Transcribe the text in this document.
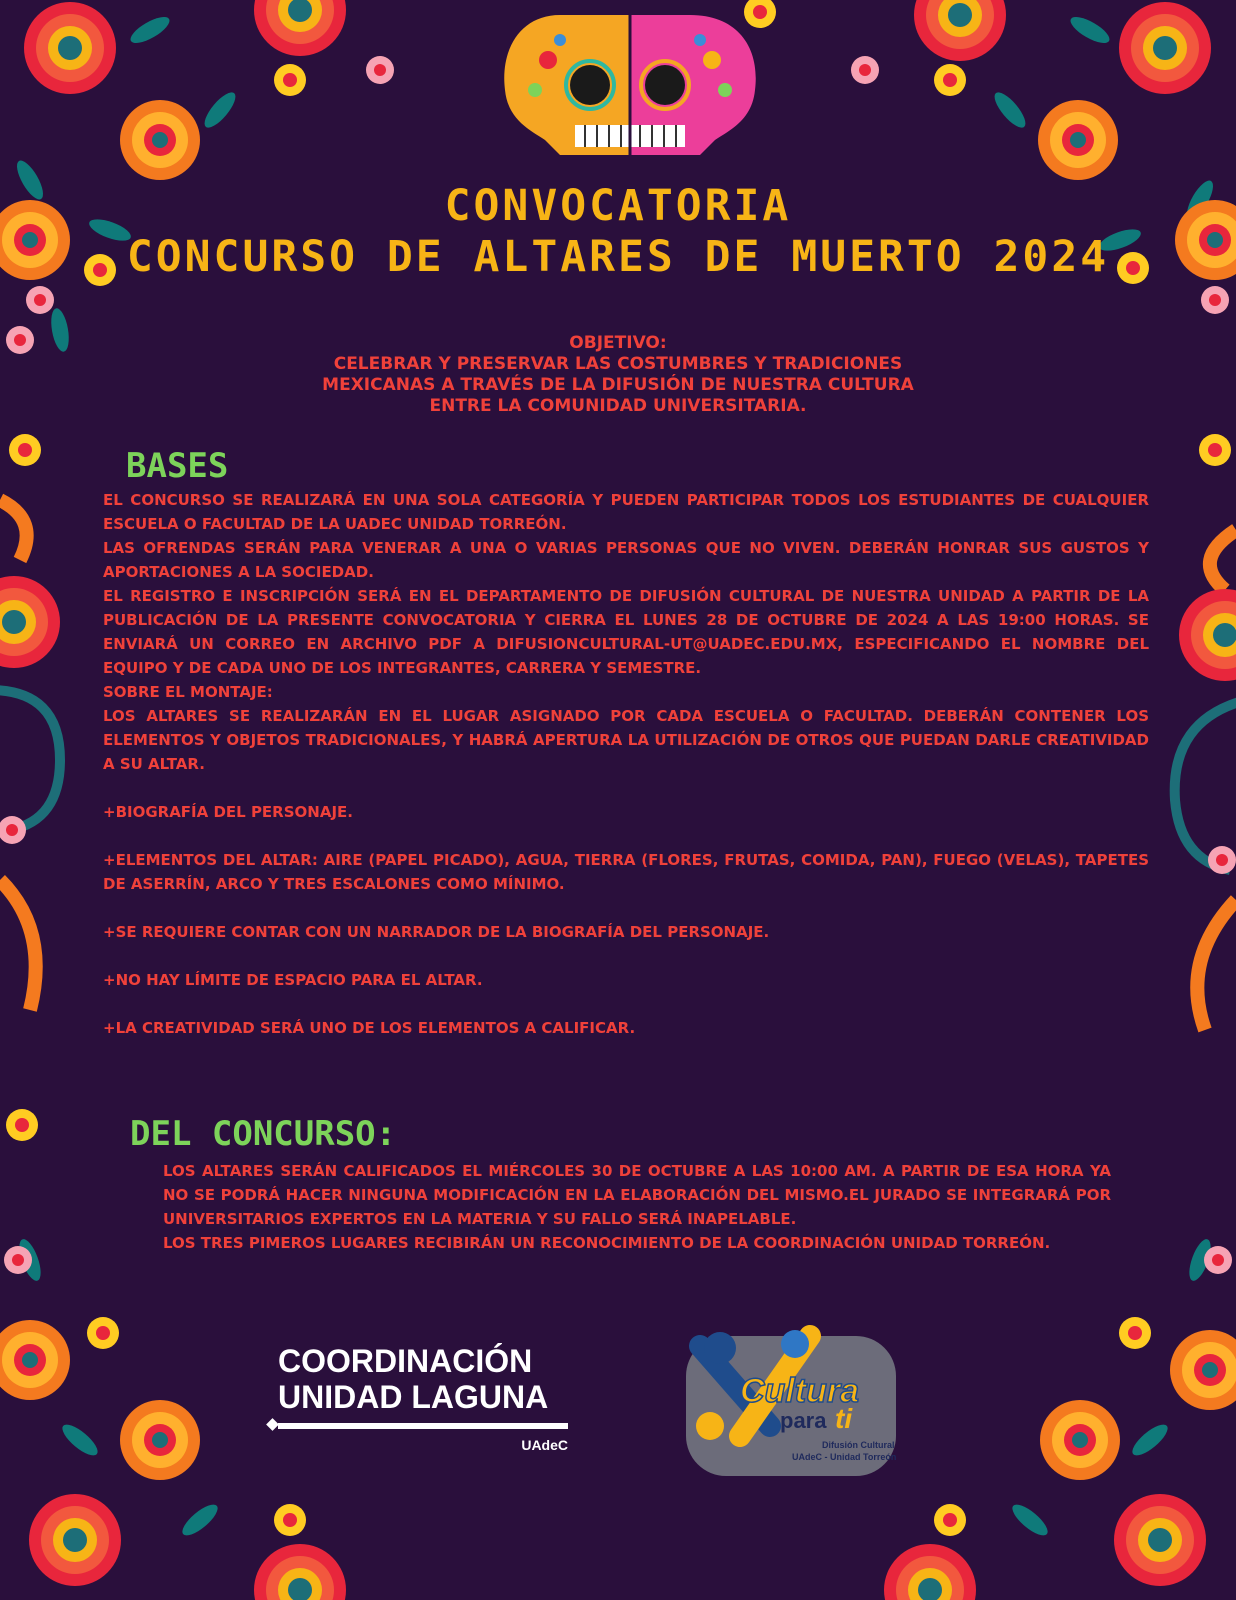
CONVOCATORIA
CONCURSO DE ALTARES DE MUERTO 2024
OBJETIVO:
CELEBRAR Y PRESERVAR LAS COSTUMBRES Y TRADICIONES
MEXICANAS A TRAVÉS DE LA DIFUSIÓN DE NUESTRA CULTURA
ENTRE LA COMUNIDAD UNIVERSITARIA.
BASES

EL CONCURSO SE REALIZARÁ EN UNA SOLA CATEGORÍA Y PUEDEN PARTICIPAR TODOS LOS ESTUDIANTES DE CUALQUIER ESCUELA O FACULTAD DE LA UADEC UNIDAD TORREÓN.

LAS OFRENDAS SERÁN PARA VENERAR A UNA O VARIAS PERSONAS QUE NO VIVEN. DEBERÁN HONRAR SUS GUSTOS Y APORTACIONES A LA SOCIEDAD.

EL REGISTRO E INSCRIPCIÓN SERÁ EN EL DEPARTAMENTO DE DIFUSIÓN CULTURAL DE NUESTRA UNIDAD A PARTIR DE LA PUBLICACIÓN DE LA PRESENTE CONVOCATORIA Y CIERRA EL LUNES 28 DE OCTUBRE DE 2024 A LAS 19:00 HORAS. SE ENVIARÁ UN CORREO EN ARCHIVO PDF A DIFUSIONCULTURAL-UT@UADEC.EDU.MX, ESPECIFICANDO EL NOMBRE DEL EQUIPO Y DE CADA UNO DE LOS INTEGRANTES, CARRERA Y SEMESTRE.

SOBRE EL MONTAJE:

LOS ALTARES SE REALIZARÁN EN EL LUGAR ASIGNADO POR CADA ESCUELA O FACULTAD. DEBERÁN CONTENER LOS ELEMENTOS Y OBJETOS TRADICIONALES, Y HABRÁ APERTURA LA UTILIZACIÓN DE OTROS QUE PUEDAN DARLE CREATIVIDAD A SU ALTAR.

+BIOGRAFÍA DEL PERSONAJE.

+ELEMENTOS DEL ALTAR: AIRE (PAPEL PICADO), AGUA, TIERRA (FLORES, FRUTAS, COMIDA, PAN), FUEGO (VELAS), TAPETES DE ASERRÍN, ARCO Y TRES ESCALONES COMO MÍNIMO.

+SE REQUIERE CONTAR CON UN NARRADOR DE LA BIOGRAFÍA DEL PERSONAJE.

+NO HAY LÍMITE DE ESPACIO PARA EL ALTAR.

+LA CREATIVIDAD SERÁ UNO DE LOS ELEMENTOS A CALIFICAR.

DEL CONCURSO:

LOS ALTARES SERÁN CALIFICADOS EL MIÉRCOLES 30 DE OCTUBRE A LAS 10:00 AM. A PARTIR DE ESA HORA YA NO SE PODRÁ HACER NINGUNA MODIFICACIÓN EN LA ELABORACIÓN DEL MISMO.EL JURADO SE INTEGRARÁ POR UNIVERSITARIOS EXPERTOS EN LA MATERIA Y SU FALLO SERÁ INAPELABLE.

LOS TRES PIMEROS LUGARES RECIBIRÁN UN RECONOCIMIENTO DE LA COORDINACIÓN UNIDAD TORREÓN.

COORDINACIÓN
UNIDAD LAGUNA
UAdeC
Cultura
para ti
Difusión Cultural
UAdeC - Unidad Torreón
